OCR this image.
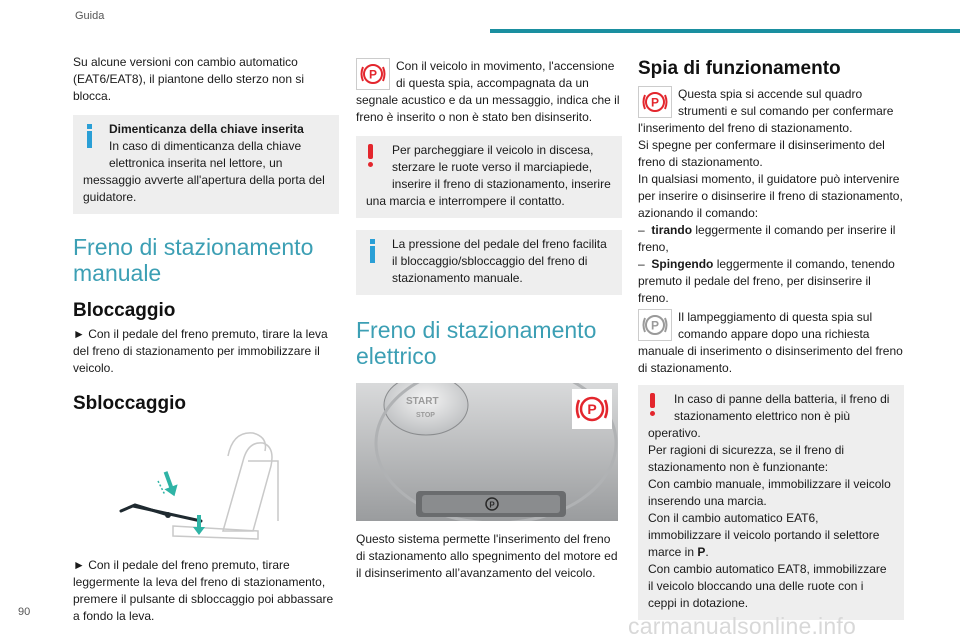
Guida

Su alcune versioni con cambio automatico (EAT6/EAT8), il piantone dello sterzo non si blocca.

Dimenticanza della chiave inserita
In caso di dimenticanza della chiave elettronica inserita nel lettore, un messaggio avverte all'apertura della porta del guidatore.
Freno di stazionamento manuale
Bloccaggio

► Con il pedale del freno premuto, tirare la leva del freno di stazionamento per immobilizzare il veicolo.

Sbloccaggio

► Con il pedale del freno premuto, tirare leggermente la leva del freno di stazionamento, premere il pulsante di sbloccaggio poi abbassare a fondo la leva.

P
Con il veicolo in movimento, l'accensione di questa spia, accompagnata da un segnale acustico e da un messaggio, indica che il freno è inserito o non è stato ben disinserito.
Per parcheggiare il veicolo in discesa, sterzare le ruote verso il marciapiede, inserire il freno di stazionamento, inserire una marcia e interrompere il contatto.
La pressione del pedale del freno facilita il bloccaggio/sbloccaggio del freno di stazionamento manuale.
Freno di stazionamento elettrico
P
P
START
STOP

Questo sistema permette l'inserimento del freno di stazionamento allo spegnimento del motore ed il disinserimento all’avanzamento del veicolo.

Spia di funzionamento
P
Questa spia si accende sul quadro strumenti e sul comando per confermare l'inserimento del freno di stazionamento.
Si spegne per confermare il disinserimento del freno di stazionamento.
In qualsiasi momento, il guidatore può intervenire per inserire o disinserire il freno di stazionamento, azionando il comando:
– tirando leggermente il comando per inserire il freno,
– Spingendo leggermente il comando, tenendo premuto il pedale del freno, per disinserire il freno.
P
Il lampeggiamento di questa spia sul comando appare dopo una richiesta manuale di inserimento o disinserimento del freno di stazionamento.
In caso di panne della batteria, il freno di stazionamento elettrico non è più operativo.
Per ragioni di sicurezza, se il freno di stazionamento non è funzionante:
Con cambio manuale, immobilizzare il veicolo inserendo una marcia.
Con il cambio automatico EAT6, immobilizzare il veicolo portando il selettore marce in P.
Con cambio automatico EAT8, immobilizzare il veicolo bloccando una delle ruote con i ceppi in dotazione.
90
carmanualsonline.info
